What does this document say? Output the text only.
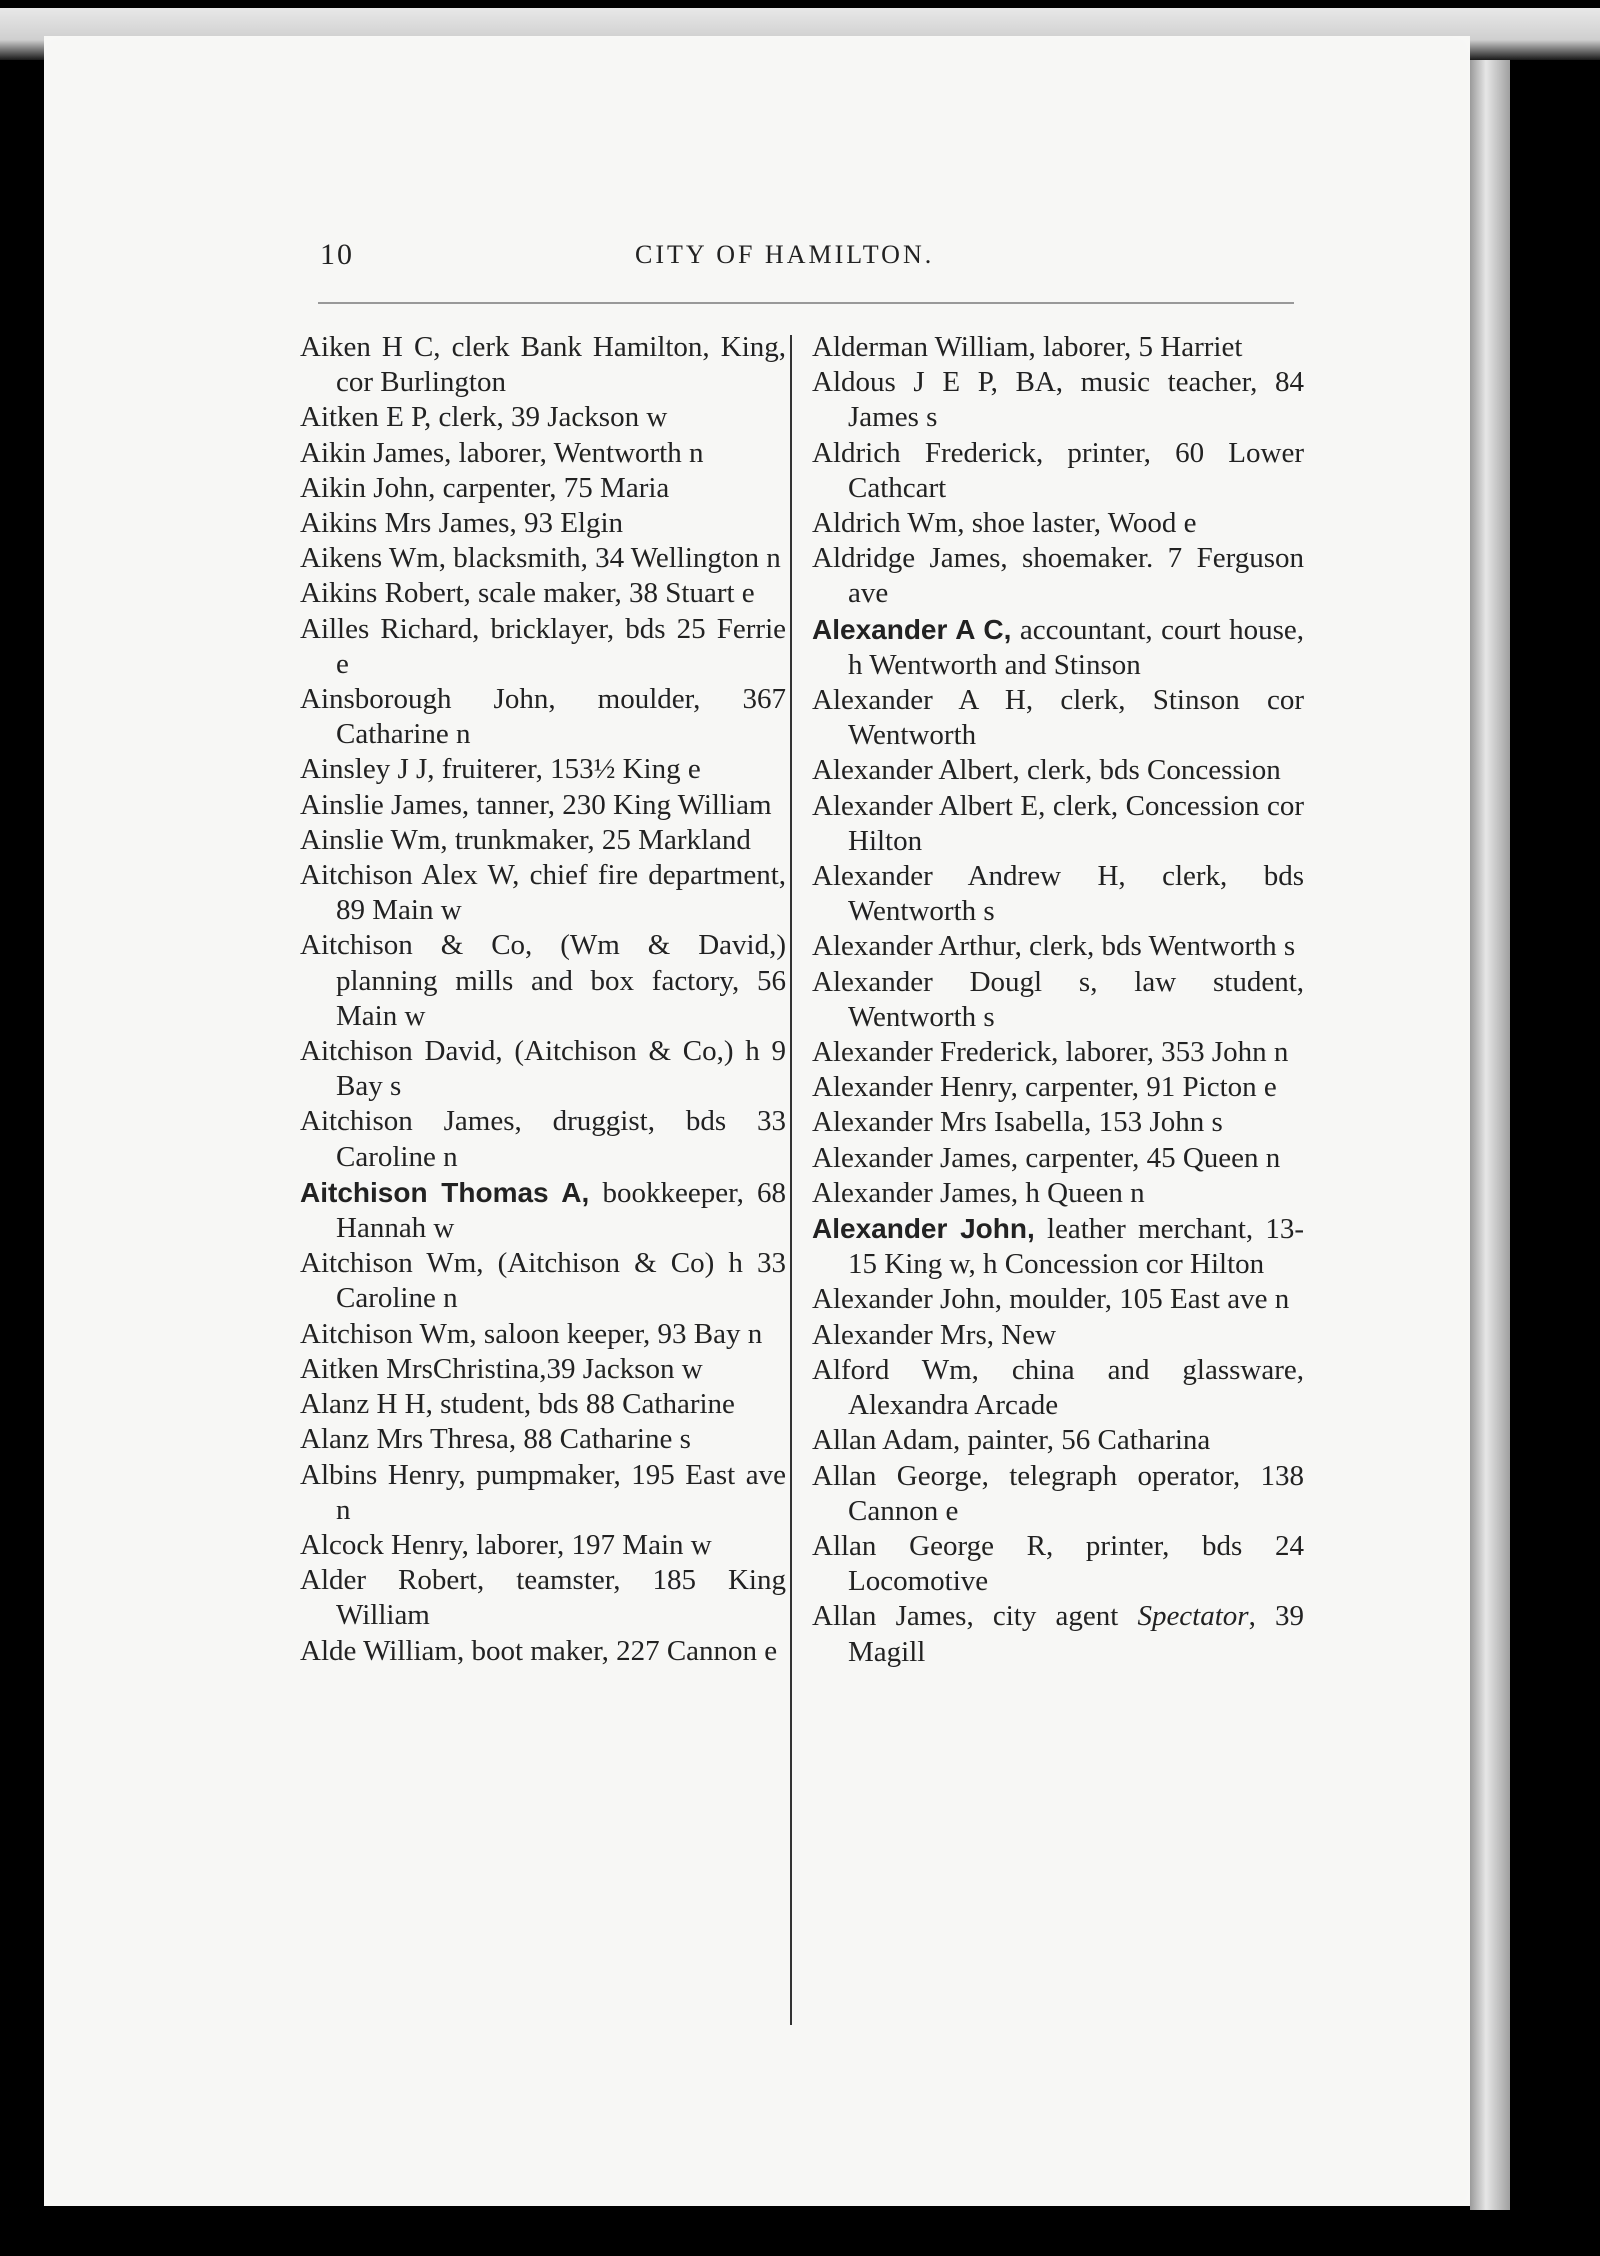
10	CITY OF HAMILTON.
Aiken H C, clerk Bank Hamilton, King, cor Burlington
Aitken E P, clerk, 39 Jackson w
Aikin James, laborer, Wentworth n
Aikin John, carpenter, 75 Maria
Aikins Mrs James, 93 Elgin
Aikens Wm, blacksmith, 34 Wellington n
Aikins Robert, scale maker, 38 Stuart e
Ailles Richard, bricklayer, bds 25 Ferrie e
Ainsborough John, moulder, 367 Catharine n
Ainsley J J, fruiterer, 153½ King e
Ainslie James, tanner, 230 King William
Ainslie Wm, trunkmaker, 25 Markland
Aitchison Alex W, chief fire department, 89 Main w
Aitchison & Co, (Wm & David,) planning mills and box factory, 56 Main w
Aitchison David, (Aitchison & Co,) h 9 Bay s
Aitchison James, druggist, bds 33 Caroline n
Aitchison Thomas A, bookkeeper, 68 Hannah w
Aitchison Wm, (Aitchison & Co) h 33 Caroline n
Aitchison Wm, saloon keeper, 93 Bay n
Aitken MrsChristina,39 Jackson w
Alanz H H, student, bds 88 Catharine
Alanz Mrs Thresa, 88 Catharine s
Albins Henry, pumpmaker, 195 East ave n
Alcock Henry, laborer, 197 Main w
Alder Robert, teamster, 185 King William
Alde William, boot maker, 227 Cannon e
Alderman William, laborer, 5 Harriet
Aldous J E P, BA, music teacher, 84 James s
Aldrich Frederick, printer, 60 Lower Cathcart
Aldrich Wm, shoe laster, Wood e
Aldridge James, shoemaker. 7 Ferguson ave
Alexander A C, accountant, court house, h Wentworth and Stinson
Alexander A H, clerk, Stinson cor Wentworth
Alexander Albert, clerk, bds Concession
Alexander Albert E, clerk, Concession cor Hilton
Alexander Andrew H, clerk, bds Wentworth s
Alexander Arthur, clerk, bds Wentworth s
Alexander Dougl s, law student, Wentworth s
Alexander Frederick, laborer, 353 John n
Alexander Henry, carpenter, 91 Picton e
Alexander Mrs Isabella, 153 John s
Alexander James, carpenter, 45 Queen n
Alexander James, h Queen n
Alexander John, leather merchant, 13-15 King w, h Concession cor Hilton
Alexander John, moulder, 105 East ave n
Alexander Mrs, New
Alford Wm, china and glassware, Alexandra Arcade
Allan Adam, painter, 56 Catharina
Allan George, telegraph operator, 138 Cannon e
Allan George R, printer, bds 24 Locomotive
Allan James, city agent Spectator, 39 Magill
